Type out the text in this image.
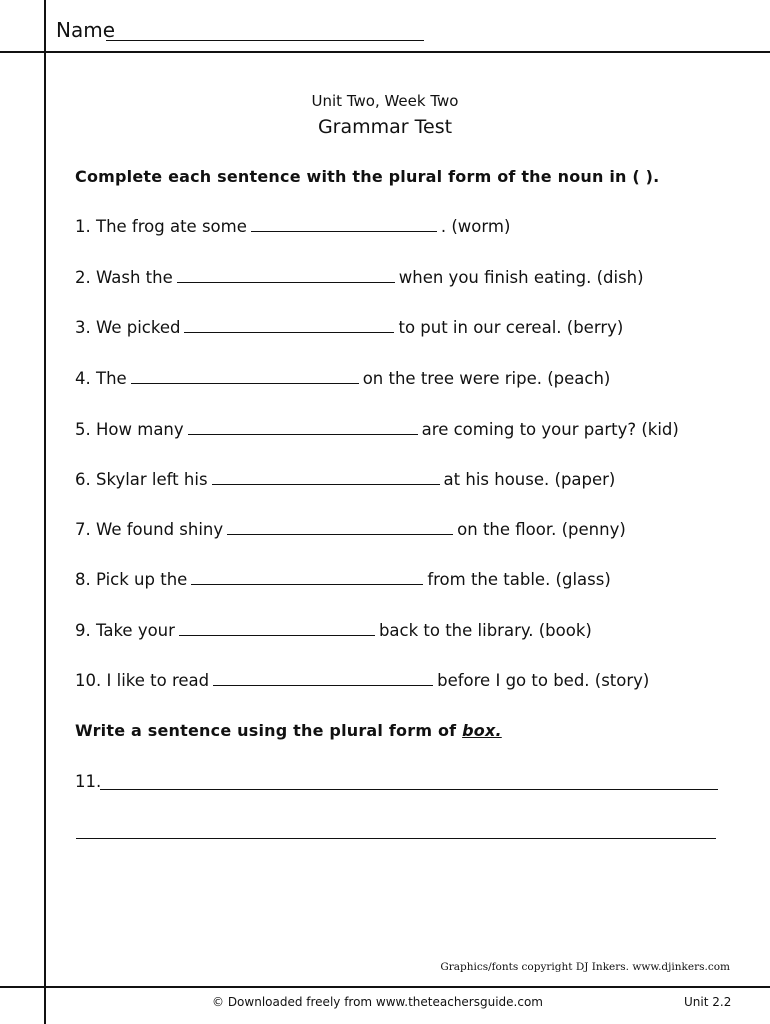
Name
Unit Two, Week Two
Grammar Test
Complete each sentence with the plural form of the noun in ( ).
1. The frog ate some	. (worm)
2. Wash the	when you finish eating. (dish)
3. We picked	to put in our cereal. (berry)
4. The	on the tree were ripe. (peach)
5. How many	are coming to your party? (kid)
6. Skylar left his	at his house. (paper)
7. We found shiny	on the floor. (penny)
8. Pick up the	from the table. (glass)
9. Take your	back to the library. (book)
10. I like to read	before I go to bed. (story)
Write a sentence using the plural form of box.
11.
Graphics/fonts copyright DJ Inkers. www.djinkers.com
© Downloaded freely from www.theteachersguide.com	Unit 2.2
